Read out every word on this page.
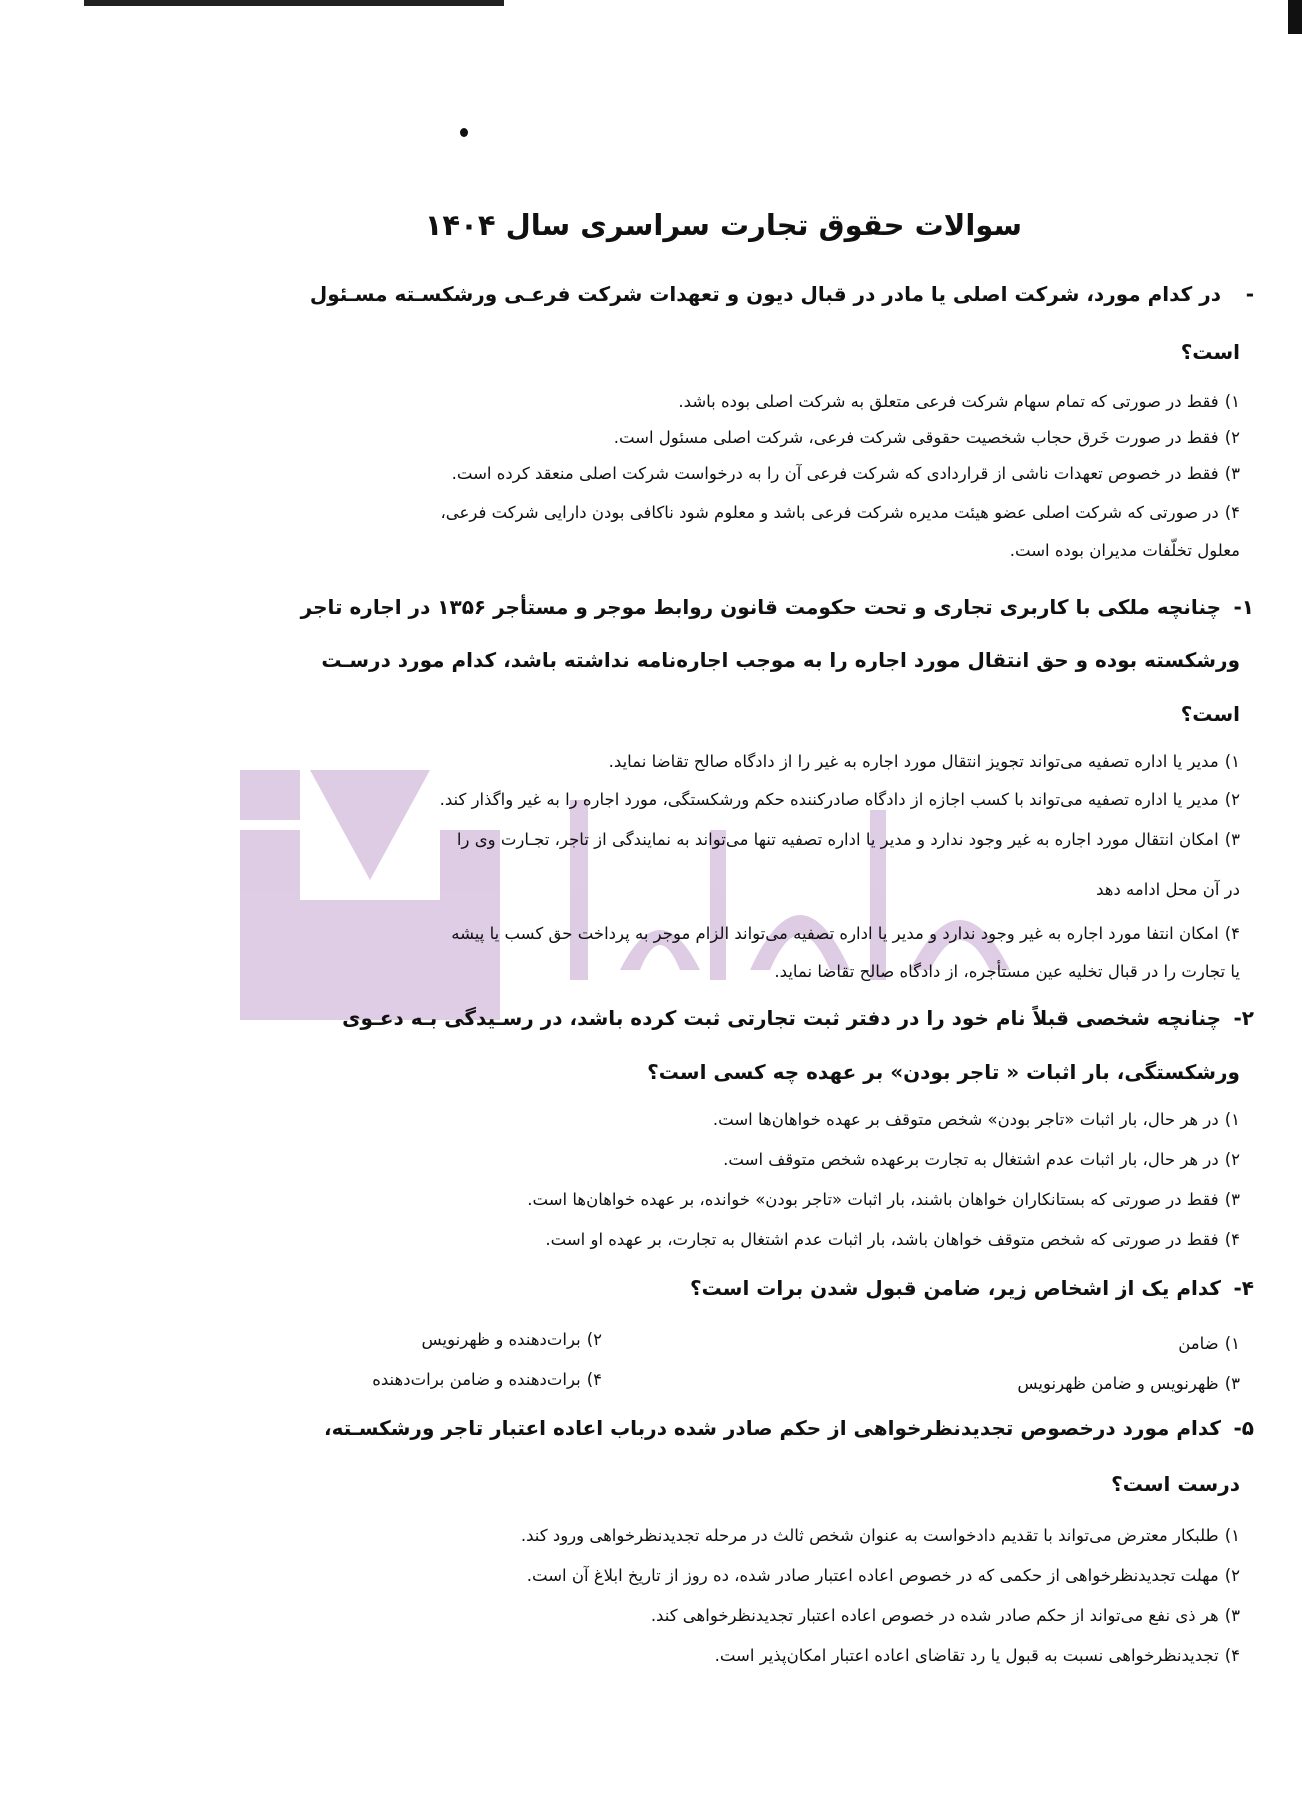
سوالات حقوق تجارت سراسری سال ۱۴۰۴
- در کدام مورد، شرکت اصلی یا مادر در قبال دیون و تعهدات شرکت فرعـی ورشکسـته مسـئول
است؟
۱)فقط در صورتی که تمام سهام شرکت فرعی متعلق به شرکت اصلی بوده باشد.
۲)فقط در صورت خَرق حجاب شخصیت حقوقی شرکت فرعی، شرکت اصلی مسئول است.
۳)فقط در خصوص تعهدات ناشی از قراردادی که شرکت فرعی آن را به درخواست شرکت اصلی منعقد کرده است.
۴)در صورتی که شرکت اصلی عضو هیئت مدیره شرکت فرعی باشد و معلوم شود ناکافی بودن دارایی شرکت فرعی،
معلول تخلّفات مدیران بوده است.
۱- چنانچه ملکی با کاربری تجاری و تحت حکومت قانون روابط موجر و مستأجر ۱۳۵۶ در اجاره تاجر
ورشکسته بوده و حق انتقال مورد اجاره را به موجب اجاره‌نامه نداشته باشد، کدام مورد درسـت
است؟
۱)مدیر یا اداره تصفیه می‌تواند تجویز انتقال مورد اجاره به غیر را از دادگاه صالح تقاضا نماید.
۲)مدیر یا اداره تصفیه می‌تواند با کسب اجازه از دادگاه صادرکننده حکم ورشکستگی، مورد اجاره را به غیر واگذار کند.
۳)امکان انتقال مورد اجاره به غیر وجود ندارد و مدیر یا اداره تصفیه تنها می‌تواند به نمایندگی از تاجر، تجـارت وی را
در آن محل ادامه دهد
۴)امکان انتفا مورد اجاره به غیر وجود ندارد و مدیر یا اداره تصفیه می‌تواند الزام موجر به پرداخت حق کسب یا پیشه
یا تجارت را در قبال تخلیه عین مستأجره، از دادگاه صالح تقاضا نماید.
۲- چنانچه شخصی قبلاً نام خود را در دفتر ثبت تجارتی ثبت کرده باشد، در رسـیدگی بـه دعـوی
ورشکستگی، بار اثبات « تاجر بودن» بر عهده چه کسی است؟
۱)در هر حال، بار اثبات «تاجر بودن» شخص متوقف بر عهده خواهان‌ها است.
۲)در هر حال، بار اثبات عدم اشتغال به تجارت برعهده شخص متوقف است.
۳)فقط در صورتی که بستانکاران خواهان باشند، بار اثبات «تاجر بودن» خوانده، بر عهده خواهان‌ها است.
۴)فقط در صورتی که شخص متوقف خواهان باشد، بار اثبات عدم اشتغال به تجارت، بر عهده او است.
۴- کدام یک از اشخاص زیر، ضامن قبول شدن برات است؟
۱)ضامن
۲)برات‌دهنده و ظهرنویس
۳)ظهرنویس و ضامن ظهرنویس
۴)برات‌دهنده و ضامن برات‌دهنده
۵- کدام مورد درخصوص تجدیدنظرخواهی از حکم صادر شده درباب اعاده اعتبار تاجر ورشکسـته،
درست است؟
۱)طلبکار معترض می‌تواند با تقدیم دادخواست به عنوان شخص ثالث در مرحله تجدیدنظرخواهی ورود کند.
۲)مهلت تجدیدنظرخواهی از حکمی که در خصوص اعاده اعتبار صادر شده، ده روز از تاریخ ابلاغ آن است.
۳)هر ذی نفع می‌تواند از حکم صادر شده در خصوص اعاده اعتبار تجدیدنظرخواهی کند.
۴)تجدیدنظرخواهی نسبت به قبول یا رد تقاضای اعاده اعتبار امکان‌پذیر است.
